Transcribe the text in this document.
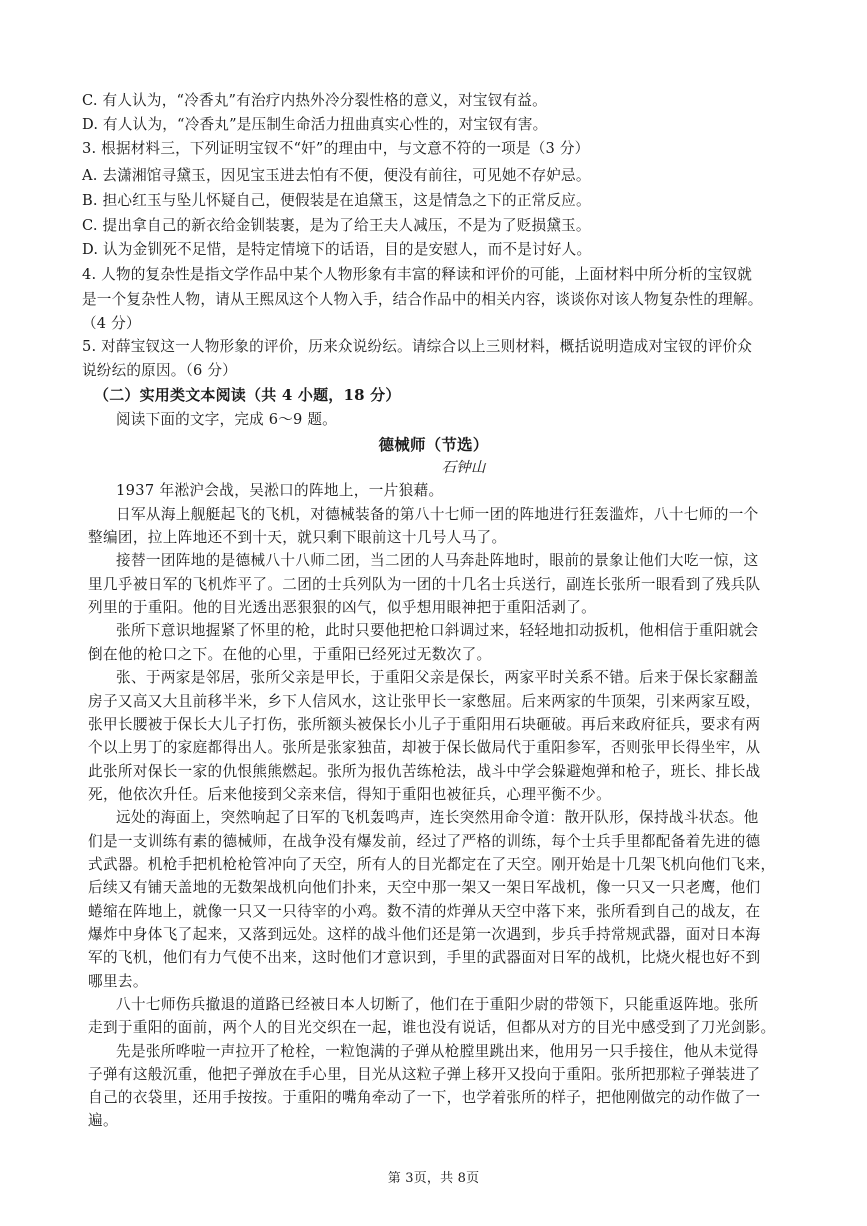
C. 有人认为，“冷香丸”有治疗内热外冷分裂性格的意义，对宝钗有益。

D. 有人认为，“冷香丸”是压制生命活力扭曲真实心性的，对宝钗有害。

3. 根据材料三，下列证明宝钗不“奸”的理由中，与文意不符的一项是（3 分）

A. 去潇湘馆寻黛玉，因见宝玉进去怕有不便，便没有前往，可见她不存妒忌。

B. 担心红玉与坠儿怀疑自己，便假装是在追黛玉，这是情急之下的正常反应。

C. 提出拿自己的新衣给金钏装裹，是为了给王夫人减压，不是为了贬损黛玉。

D. 认为金钏死不足惜，是特定情境下的话语，目的是安慰人，而不是讨好人。

4. 人物的复杂性是指文学作品中某个人物形象有丰富的释读和评价的可能，上面材料中所分析的宝钗就

是一个复杂性人物，请从王熙凤这个人物入手，结合作品中的相关内容，谈谈你对该人物复杂性的理解。

（4 分）

5. 对薛宝钗这一人物形象的评价，历来众说纷纭。请综合以上三则材料，概括说明造成对宝钗的评价众

说纷纭的原因。（6 分）

（二）实用类文本阅读（共 4 小题，18 分）

阅读下面的文字，完成 6～9 题。

德械师（节选）

石钟山

1937 年淞沪会战，吴淞口的阵地上，一片狼藉。

日军从海上舰艇起飞的飞机，对德械装备的第八十七师一团的阵地进行狂轰滥炸，八十七师的一个

整编团，拉上阵地还不到十天，就只剩下眼前这十几号人马了。

接替一团阵地的是德械八十八师二团，当二团的人马奔赴阵地时，眼前的景象让他们大吃一惊，这

里几乎被日军的飞机炸平了。二团的士兵列队为一团的十几名士兵送行，副连长张所一眼看到了残兵队

列里的于重阳。他的目光透出恶狠狠的凶气，似乎想用眼神把于重阳活剥了。

张所下意识地握紧了怀里的枪，此时只要他把枪口斜调过来，轻轻地扣动扳机，他相信于重阳就会

倒在他的枪口之下。在他的心里，于重阳已经死过无数次了。

张、于两家是邻居，张所父亲是甲长，于重阳父亲是保长，两家平时关系不错。后来于保长家翻盖

房子又高又大且前移半米，乡下人信风水，这让张甲长一家憋屈。后来两家的牛顶架，引来两家互殴，

张甲长腰被于保长大儿子打伤，张所额头被保长小儿子于重阳用石块砸破。再后来政府征兵，要求有两

个以上男丁的家庭都得出人。张所是张家独苗，却被于保长做局代于重阳参军，否则张甲长得坐牢，从

此张所对保长一家的仇恨熊熊燃起。张所为报仇苦练枪法，战斗中学会躲避炮弹和枪子，班长、排长战

死，他依次升任。后来他接到父亲来信，得知于重阳也被征兵，心理平衡不少。

远处的海面上，突然响起了日军的飞机轰鸣声，连长突然用命令道：散开队形，保持战斗状态。他

们是一支训练有素的德械师，在战争没有爆发前，经过了严格的训练，每个士兵手里都配备着先进的德

式武器。机枪手把机枪枪管冲向了天空，所有人的目光都定在了天空。刚开始是十几架飞机向他们飞来，

后续又有铺天盖地的无数架战机向他们扑来，天空中那一架又一架日军战机，像一只又一只老鹰，他们

蜷缩在阵地上，就像一只又一只待宰的小鸡。数不清的炸弹从天空中落下来，张所看到自己的战友，在

爆炸中身体飞了起来，又落到远处。这样的战斗他们还是第一次遇到，步兵手持常规武器，面对日本海

军的飞机，他们有力气使不出来，这时他们才意识到，手里的武器面对日军的战机，比烧火棍也好不到

哪里去。

八十七师伤兵撤退的道路已经被日本人切断了，他们在于重阳少尉的带领下，只能重返阵地。张所

走到于重阳的面前，两个人的目光交织在一起，谁也没有说话，但都从对方的目光中感受到了刀光剑影。

先是张所哗啦一声拉开了枪栓，一粒饱满的子弹从枪膛里跳出来，他用另一只手接住，他从未觉得

子弹有这般沉重，他把子弹放在手心里，目光从这粒子弹上移开又投向于重阳。张所把那粒子弹装进了

自己的衣袋里，还用手按按。于重阳的嘴角牵动了一下，也学着张所的样子，把他刚做完的动作做了一

遍。

第 3页，共 8页
